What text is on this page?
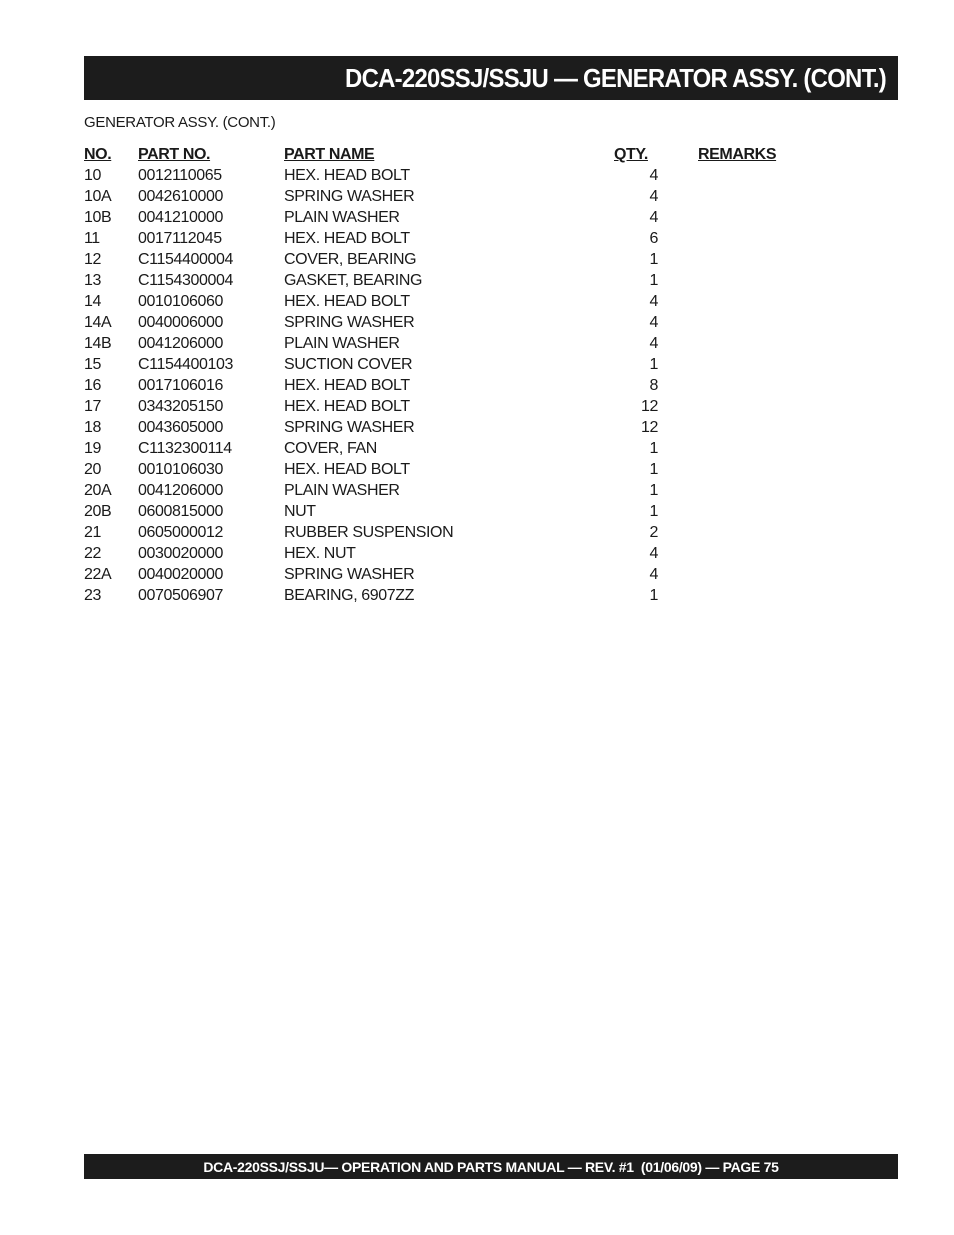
DCA-220SSJ/SSJU — GENERATOR ASSY. (CONT.)
GENERATOR ASSY. (CONT.)
NO.	PART NO.	PART NAME	QTY.	REMARKS
10	0012110065	HEX. HEAD BOLT	4
10A	0042610000	SPRING WASHER	4
10B	0041210000	PLAIN WASHER	4
11	0017112045	HEX. HEAD BOLT	6
12	C1154400004	COVER, BEARING	1
13	C1154300004	GASKET, BEARING	1
14	0010106060	HEX. HEAD BOLT	4
14A	0040006000	SPRING WASHER	4
14B	0041206000	PLAIN WASHER	4
15	C1154400103	SUCTION COVER	1
16	0017106016	HEX. HEAD BOLT	8
17	0343205150	HEX. HEAD BOLT	12
18	0043605000	SPRING WASHER	12
19	C1132300114	COVER, FAN	1
20	0010106030	HEX. HEAD BOLT	1
20A	0041206000	PLAIN WASHER	1
20B	0600815000	NUT	1
21	0605000012	RUBBER SUSPENSION	2
22	0030020000	HEX. NUT	4
22A	0040020000	SPRING WASHER	4
23	0070506907	BEARING, 6907ZZ	1
DCA-220SSJ/SSJU— OPERATION AND PARTS MANUAL — REV. #1  (01/06/09) — PAGE 75
